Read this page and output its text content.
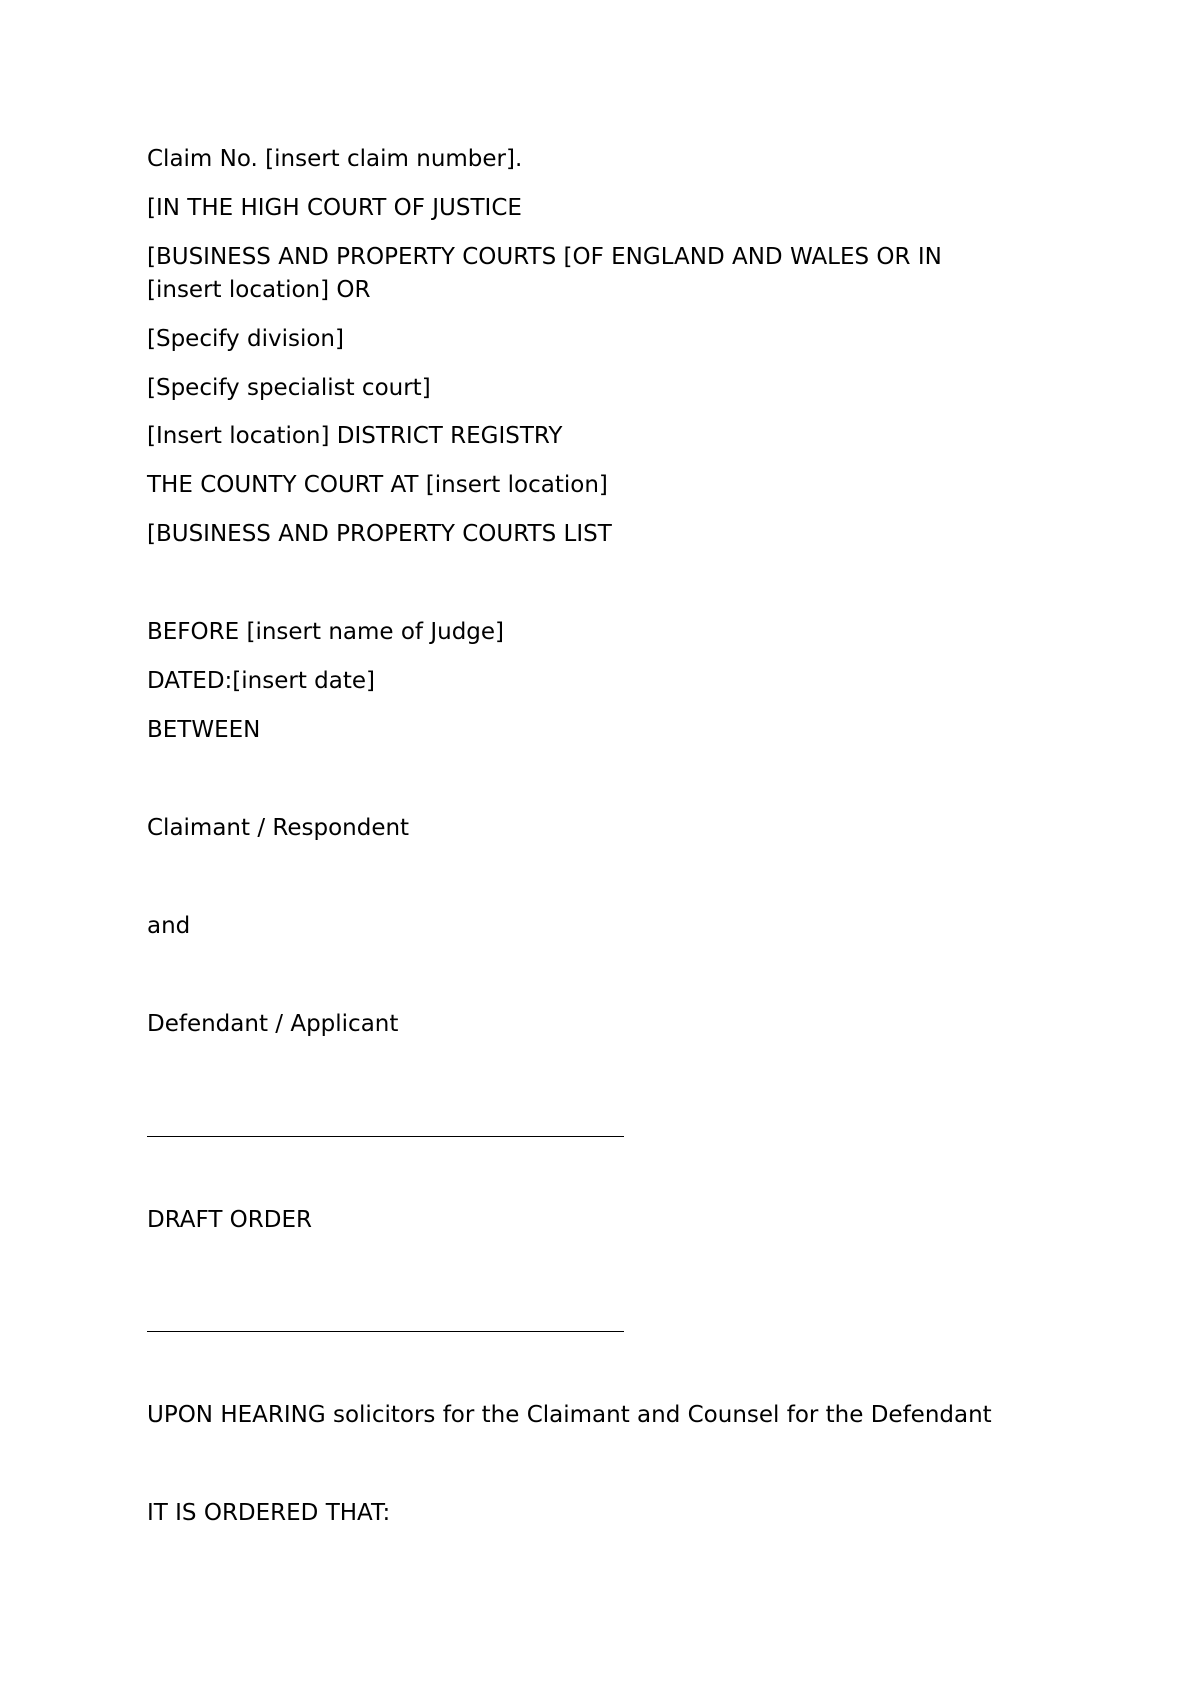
Claim No. [insert claim number].
[IN THE HIGH COURT OF JUSTICE
[BUSINESS AND PROPERTY COURTS [OF ENGLAND AND WALES OR IN
[insert location] OR
[Specify division]
[Specify specialist court]
[Insert location] DISTRICT REGISTRY
THE COUNTY COURT AT [insert location]
[BUSINESS AND PROPERTY COURTS LIST
BEFORE [insert name of Judge]
DATED:[insert date]
BETWEEN
Claimant / Respondent
and
Defendant / Applicant
DRAFT ORDER
UPON HEARING solicitors for the Claimant and Counsel for the Defendant
IT IS ORDERED THAT:
